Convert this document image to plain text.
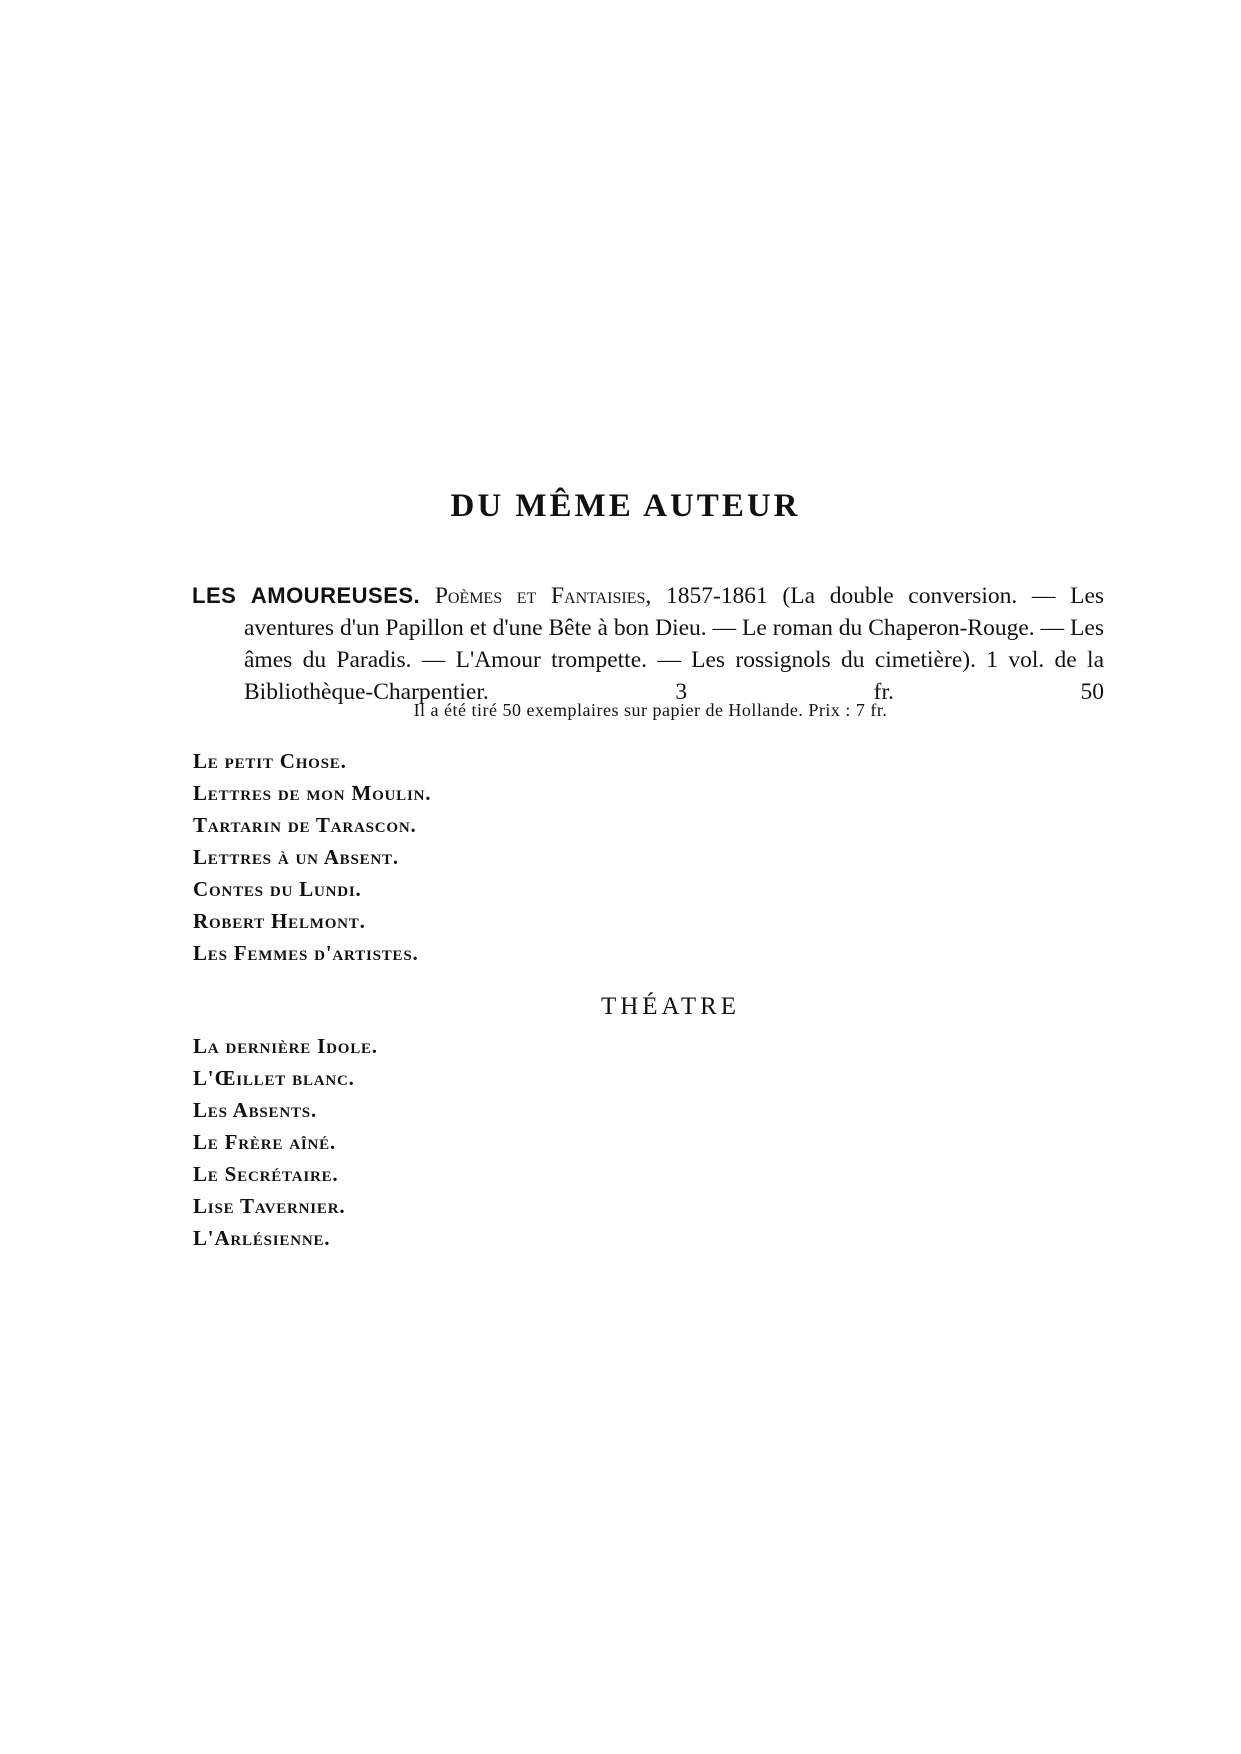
DU MÊME AUTEUR

LES AMOUREUSES. Poèmes et Fantaisies, 1857-1861 (La double conversion. — Les aventures d'un Papillon et d'une Bête à bon Dieu. — Le roman du Chaperon-Rouge. — Les âmes du Paradis. — L'Amour trompette. — Les rossignols du cimetière). 1 vol. de la Bibliothèque-Charpentier.	3 fr. 50

Il a été tiré 50 exemplaires sur papier de Hollande. Prix : 7 fr.

Le petit Chose.
Lettres de mon Moulin.
Tartarin de Tarascon.
Lettres à un Absent.
Contes du Lundi.
Robert Helmont.
Les Femmes d'artistes.
THÉATRE
La dernière Idole.
L'Œillet blanc.
Les Absents.
Le Frère aîné.
Le Secrétaire.
Lise Tavernier.
L'Arlésienne.
